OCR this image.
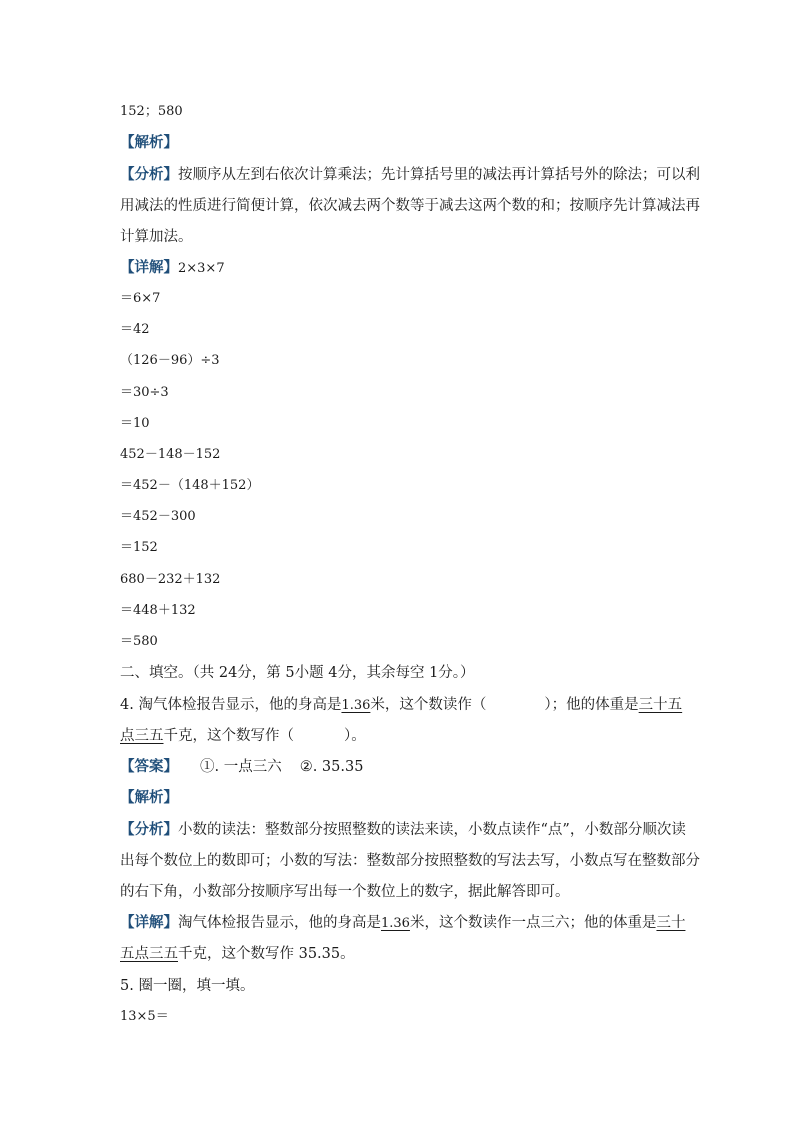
152；580
【解析】
【分析】按顺序从左到右依次计算乘法；先计算括号里的减法再计算括号外的除法；可以利
用减法的性质进行简便计算，依次减去两个数等于减去这两个数的和；按顺序先计算减法再
计算加法。
【详解】2×3×7
＝6×7
＝42
（126－96）÷3
＝30÷3
＝10
452－148－152
＝452－（148＋152）
＝452－300
＝152
680－232＋132
＝448＋132
＝580
二、填空。（共 24分，第 5小题 4分，其余每空 1分。）
4. 淘气体检报告显示，他的身高是1.36米，这个数读作（	）；他的体重是三十五
点三五千克，这个数写作（	）。
【答案】 ①. 一点三六 ②. 35.35
【解析】
【分析】小数的读法：整数部分按照整数的读法来读，小数点读作“点”，小数部分顺次读
出每个数位上的数即可；小数的写法：整数部分按照整数的写法去写，小数点写在整数部分
的右下角，小数部分按顺序写出每一个数位上的数字，据此解答即可。
【详解】淘气体检报告显示，他的身高是1.36米，这个数读作一点三六；他的体重是三十
五点三五千克，这个数写作 35.35。
5. 圈一圈，填一填。
13×5＝
